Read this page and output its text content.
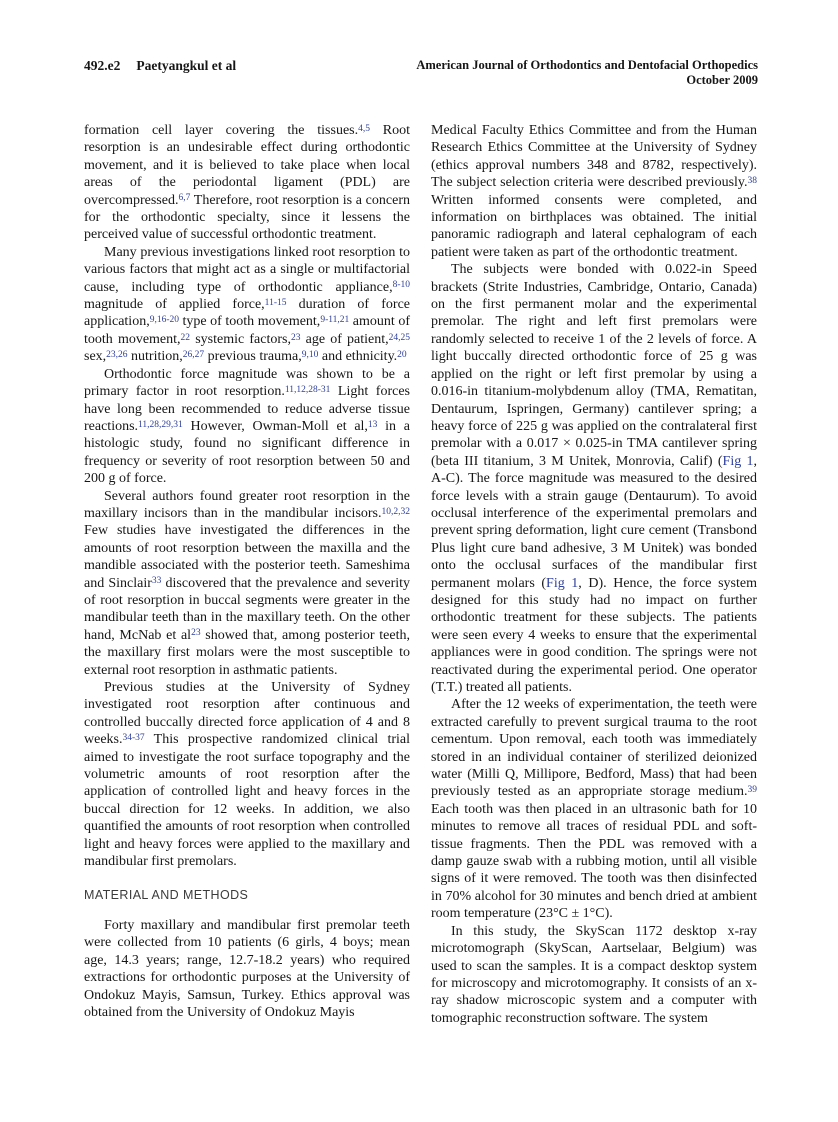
492.e2 Paetyangkul et al	American Journal of Orthodontics and Dentofacial Orthopedics
October 2009

formation cell layer covering the tissues.$^{4,5}$ Root resorption is an undesirable effect during orthodontic movement, and it is believed to take place when local areas of the periodontal ligament (PDL) are overcompressed.$^{6,7}$ Therefore, root resorption is a concern for the orthodontic specialty, since it lessens the perceived value of successful orthodontic treatment.

Many previous investigations linked root resorption to various factors that might act as a single or multifactorial cause, including type of orthodontic appliance,$^{8-10}$ magnitude of applied force,$^{11-15}$ duration of force application,$^{9,16-20}$ type of tooth movement,$^{9-11,21}$ amount of tooth movement,$^{22}$ systemic factors,$^{23}$ age of patient,$^{24,25}$ sex,$^{23,26}$ nutrition,$^{26,27}$ previous trauma,$^{9,10}$ and ethnicity.$^{20}$

Orthodontic force magnitude was shown to be a primary factor in root resorption.$^{11,12,28-31}$ Light forces have long been recommended to reduce adverse tissue reactions.$^{11,28,29,31}$ However, Owman-Moll et al,$^{13}$ in a histologic study, found no significant difference in frequency or severity of root resorption between 50 and 200 g of force.

Several authors found greater root resorption in the maxillary incisors than in the mandibular incisors.$^{10,2,32}$ Few studies have investigated the differences in the amounts of root resorption between the maxilla and the mandible associated with the posterior teeth. Sameshima and Sinclair$^{33}$ discovered that the prevalence and severity of root resorption in buccal segments were greater in the mandibular teeth than in the maxillary teeth. On the other hand, McNab et al$^{23}$ showed that, among posterior teeth, the maxillary first molars were the most susceptible to external root resorption in asthmatic patients.

Previous studies at the University of Sydney investigated root resorption after continuous and controlled buccally directed force application of 4 and 8 weeks.$^{34-37}$ This prospective randomized clinical trial aimed to investigate the root surface topography and the volumetric amounts of root resorption after the application of controlled light and heavy forces in the buccal direction for 12 weeks. In addition, we also quantified the amounts of root resorption when controlled light and heavy forces were applied to the maxillary and mandibular first premolars.

MATERIAL AND METHODS

Forty maxillary and mandibular first premolar teeth were collected from 10 patients (6 girls, 4 boys; mean age, 14.3 years; range, 12.7-18.2 years) who required extractions for orthodontic purposes at the University of Ondokuz Mayis, Samsun, Turkey. Ethics approval was obtained from the University of Ondokuz Mayis

Medical Faculty Ethics Committee and from the Human Research Ethics Committee at the University of Sydney (ethics approval numbers 348 and 8782, respectively). The subject selection criteria were described previously.$^{38}$ Written informed consents were completed, and information on birthplaces was obtained. The initial panoramic radiograph and lateral cephalogram of each patient were taken as part of the orthodontic treatment.

The subjects were bonded with 0.022-in Speed brackets (Strite Industries, Cambridge, Ontario, Canada) on the first permanent molar and the experimental premolar. The right and left first premolars were randomly selected to receive 1 of the 2 levels of force. A light buccally directed orthodontic force of 25 g was applied on the right or left first premolar by using a 0.016-in titanium-molybdenum alloy (TMA, Rematitan, Dentaurum, Ispringen, Germany) cantilever spring; a heavy force of 225 g was applied on the contralateral first premolar with a 0.017 × 0.025-in TMA cantilever spring (beta III titanium, 3 M Unitek, Monrovia, Calif) (Fig 1, A-C). The force magnitude was measured to the desired force levels with a strain gauge (Dentaurum). To avoid occlusal interference of the experimental premolars and prevent spring deformation, light cure cement (Transbond Plus light cure band adhesive, 3 M Unitek) was bonded onto the occlusal surfaces of the mandibular first permanent molars (Fig 1, D). Hence, the force system designed for this study had no impact on further orthodontic treatment for these subjects. The patients were seen every 4 weeks to ensure that the experimental appliances were in good condition. The springs were not reactivated during the experimental period. One operator (T.T.) treated all patients.

After the 12 weeks of experimentation, the teeth were extracted carefully to prevent surgical trauma to the root cementum. Upon removal, each tooth was immediately stored in an individual container of sterilized deionized water (Milli Q, Millipore, Bedford, Mass) that had been previously tested as an appropriate storage medium.$^{39}$ Each tooth was then placed in an ultrasonic bath for 10 minutes to remove all traces of residual PDL and soft-tissue fragments. Then the PDL was removed with a damp gauze swab with a rubbing motion, until all visible signs of it were removed. The tooth was then disinfected in 70% alcohol for 30 minutes and bench dried at ambient room temperature (23°C ± 1°C).

In this study, the SkyScan 1172 desktop x-ray microtomograph (SkyScan, Aartselaar, Belgium) was used to scan the samples. It is a compact desktop system for microscopy and microtomography. It consists of an x-ray shadow microscopic system and a computer with tomographic reconstruction software. The system
